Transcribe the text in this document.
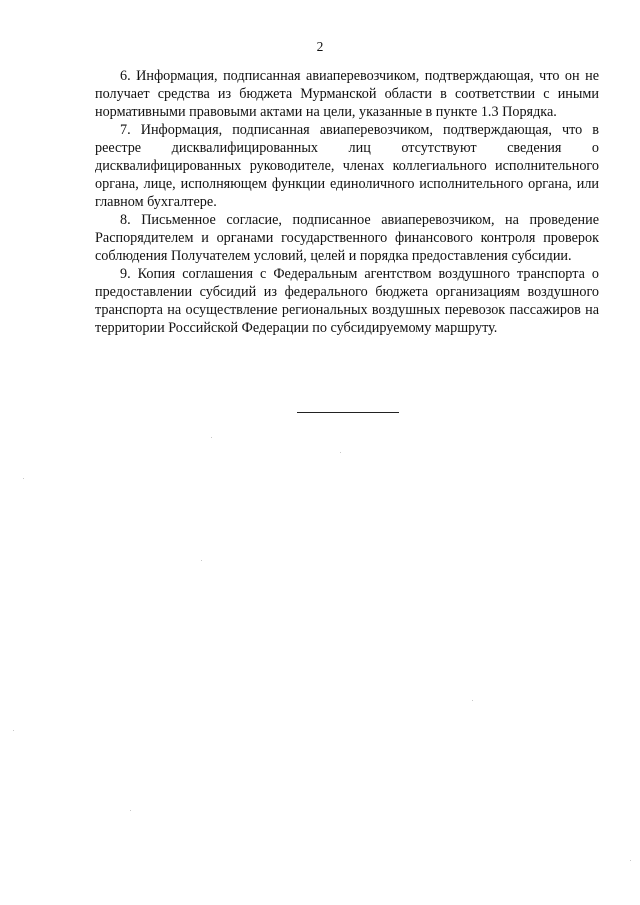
2

6. Информация, подписанная авиаперевозчиком, подтверждающая, что он не получает средства из бюджета Мурманской области в соответствии с иными нормативными правовыми актами на цели, указанные в пункте 1.3 Порядка.

7. Информация, подписанная авиаперевозчиком, подтверждающая, что в реестре дисквалифицированных лиц отсутствуют сведения о дисквалифицированных руководителе, членах коллегиального исполнительного органа, лице, исполняющем функции единоличного исполнительного органа, или главном бухгалтере.

8. Письменное согласие, подписанное авиаперевозчиком, на проведение Распорядителем и органами государственного финансового контроля проверок соблюдения Получателем условий, целей и порядка предоставления субсидии.

9. Копия соглашения с Федеральным агентством воздушного транспорта о предоставлении субсидий из федерального бюджета организациям воздушного транспорта на осуществление региональных воздушных перевозок пассажиров на территории Российской Федерации по субсидируемому маршруту.
